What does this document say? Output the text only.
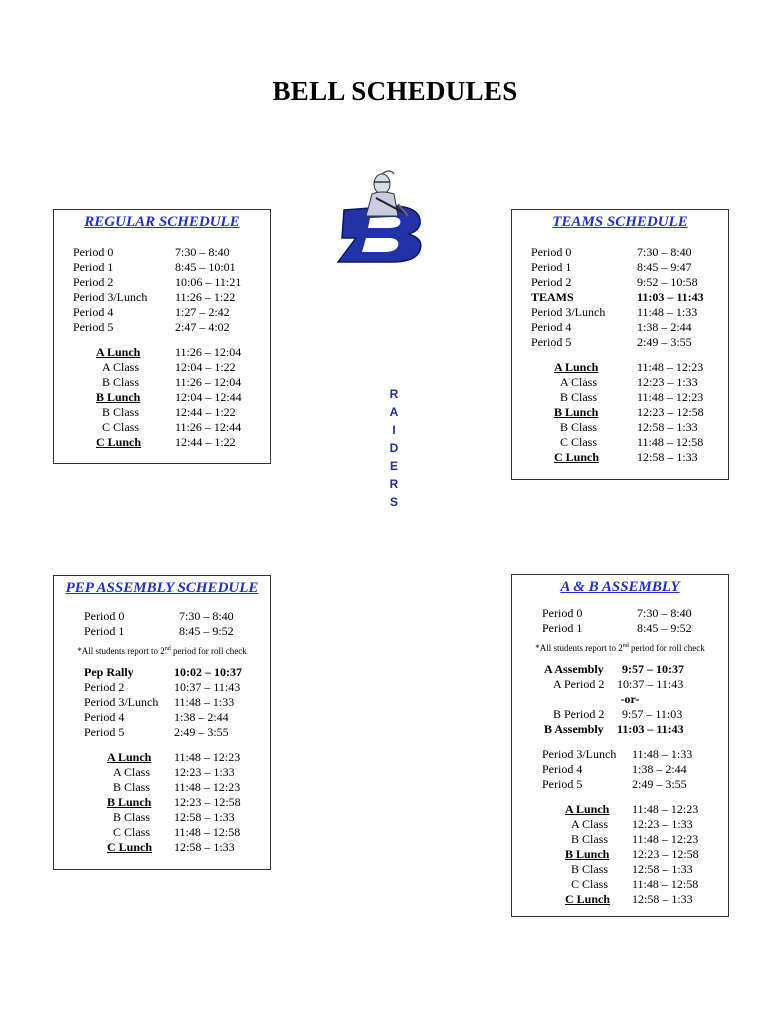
BELL SCHEDULES
R
A
I
D
E
R
S
REGULAR SCHEDULE
Period 0	7:30 – 8:40
Period 1	8:45 – 10:01
Period 2	10:06 – 11:21
Period 3/Lunch 11:26 – 1:22
Period 4	1:27 – 2:42
Period 5	2:47 – 4:02
A Lunch	11:26 – 12:04
A Class	12:04 – 1:22
B Class	11:26 – 12:04
B Lunch	12:04 – 12:44
B Class	12:44 – 1:22
C Class	11:26 – 12:44
C Lunch	12:44 – 1:22
TEAMS SCHEDULE
Period 0	7:30 – 8:40
Period 1	8:45 – 9:47
Period 2	9:52 – 10:58
TEAMS	11:03 – 11:43
Period 3/Lunch	11:48 – 1:33
Period 4	1:38 – 2:44
Period 5	2:49 – 3:55
A Lunch	11:48 – 12:23
A Class	12:23 – 1:33
B Class	11:48 – 12:23
B Lunch	12:23 – 12:58
B Class	12:58 – 1:33
C Class	11:48 – 12:58
C Lunch	12:58 – 1:33
PEP ASSEMBLY SCHEDULE
Period 0	7:30 – 8:40
Period 1	8:45 – 9:52
*All students report to 2nd period for roll check
Pep Rally	10:02 – 10:37
Period 2	10:37 – 11:43
Period 3/Lunch 11:48 – 1:33
Period 4	1:38 – 2:44
Period 5	2:49 – 3:55
A Lunch 11:48 – 12:23
A Class 12:23 – 1:33
B Class 11:48 – 12:23
B Lunch 12:23 – 12:58
B Class 12:58 – 1:33
C Class 11:48 – 12:58
C Lunch 12:58 – 1:33
A & B ASSEMBLY
Period 0	7:30 – 8:40
Period 1	8:45 – 9:52
*All students report to 2nd period for roll check
A Assembly 9:57 – 10:37
A Period 2 10:37 – 11:43
-or-
B Period 2 9:57 – 11:03
B Assembly 11:03 – 11:43
Period 3/Lunch 11:48 – 1:33
Period 4	1:38 – 2:44
Period 5	2:49 – 3:55
A Lunch 11:48 – 12:23
A Class 12:23 – 1:33
B Class 11:48 – 12:23
B Lunch 12:23 – 12:58
B Class 12:58 – 1:33
C Class 11:48 – 12:58
C Lunch 12:58 – 1:33
